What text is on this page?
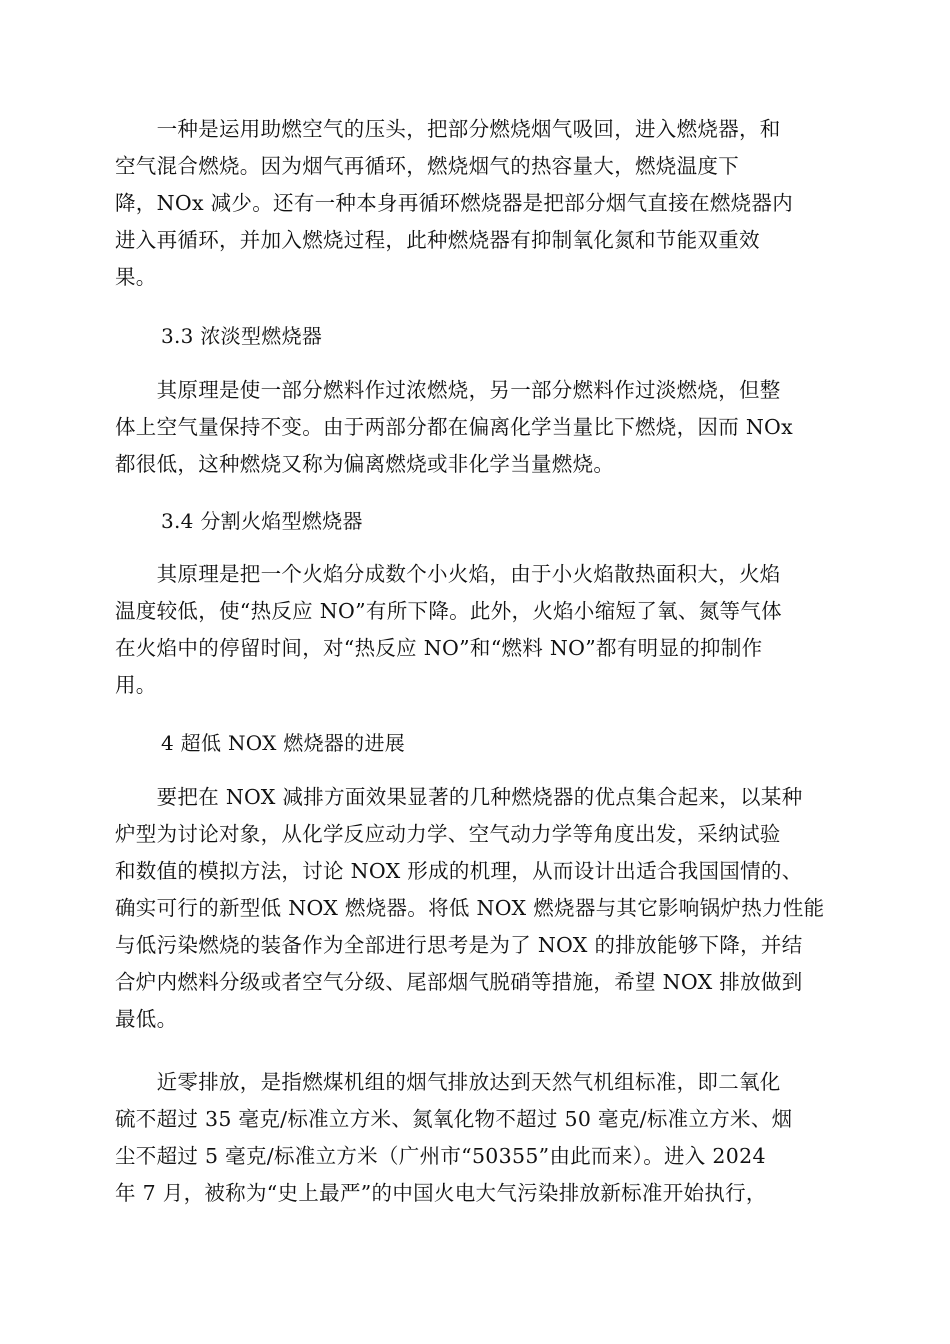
　　一种是运用助燃空气的压头，把部分燃烧烟气吸回，进入燃烧器，和
空气混合燃烧。因为烟气再循环，燃烧烟气的热容量大，燃烧温度下
降，NOx 减少。还有一种本身再循环燃烧器是把部分烟气直接在燃烧器内
进入再循环，并加入燃烧过程，此种燃烧器有抑制氧化氮和节能双重效
果。
3.3 浓淡型燃烧器
　　其原理是使一部分燃料作过浓燃烧，另一部分燃料作过淡燃烧，但整
体上空气量保持不变。由于两部分都在偏离化学当量比下燃烧，因而 NOx
都很低，这种燃烧又称为偏离燃烧或非化学当量燃烧。
3.4 分割火焰型燃烧器
　　其原理是把一个火焰分成数个小火焰，由于小火焰散热面积大，火焰
温度较低，使“热反应 NO”有所下降。此外，火焰小缩短了氧、氮等气体
在火焰中的停留时间，对“热反应 NO”和“燃料 NO”都有明显的抑制作
用。
4 超低 NOX 燃烧器的进展
　　要把在 NOX 减排方面效果显著的几种燃烧器的优点集合起来，以某种
炉型为讨论对象，从化学反应动力学、空气动力学等角度出发，采纳试验
和数值的模拟方法，讨论 NOX 形成的机理，从而设计出适合我国国情的、
确实可行的新型低 NOX 燃烧器。将低 NOX 燃烧器与其它影响锅炉热力性能
与低污染燃烧的装备作为全部进行思考是为了 NOX 的排放能够下降，并结
合炉内燃料分级或者空气分级、尾部烟气脱硝等措施，希望 NOX 排放做到
最低。
　　近零排放，是指燃煤机组的烟气排放达到天然气机组标准，即二氧化
硫不超过 35 毫克/标准立方米、氮氧化物不超过 50 毫克/标准立方米、烟
尘不超过 5 毫克/标准立方米（广州市“50355”由此而来）。进入 2024
年 7 月，被称为“史上最严”的中国火电大气污染排放新标准开始执行，
